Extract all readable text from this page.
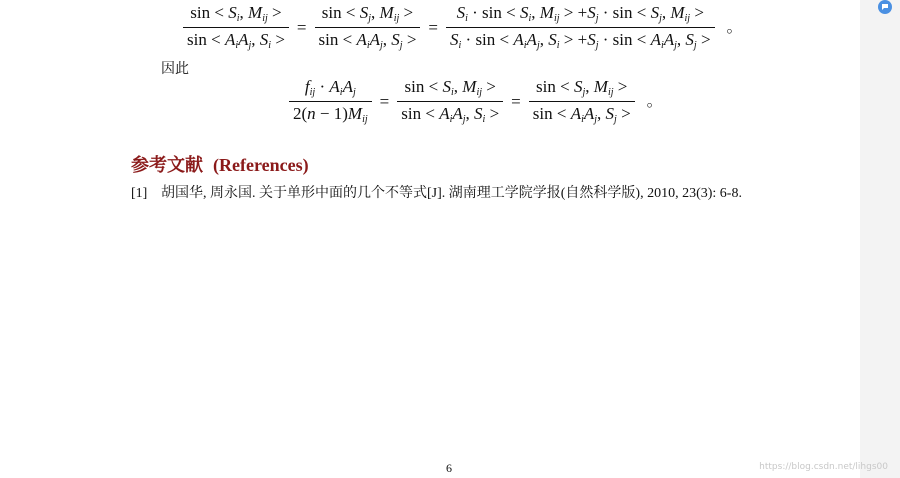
$\frac{\sin < S_i, M_{ij} >}{\sin < A_iA_j, S_i >} = \frac{\sin < S_j, M_{ij} >}{\sin < A_iA_j, S_j >} = \frac{S_i \cdot \sin < S_i, M_{ij} > +S_j \cdot \sin < S_j, M_{ij} >}{S_i \cdot \sin < A_iA_j, S_i > +S_j \cdot \sin < A_iA_j, S_j >}$ 。
因此
$\frac{f_{ij} \cdot A_iA_j}{2(n - 1)M_{ij}} = \frac{\sin < S_i, M_{ij} >}{\sin < A_iA_j, S_i >} = \frac{\sin < S_j, M_{ij} >}{\sin < A_iA_j, S_j >}$ 。
参考文献 (References)
[1] 胡国华, 周永国. 关于单形中面的几个不等式[J]. 湖南理工学院学报(自然科学版), 2010, 23(3): 6-8.
6	https://blog.csdn.net/lihgs00
